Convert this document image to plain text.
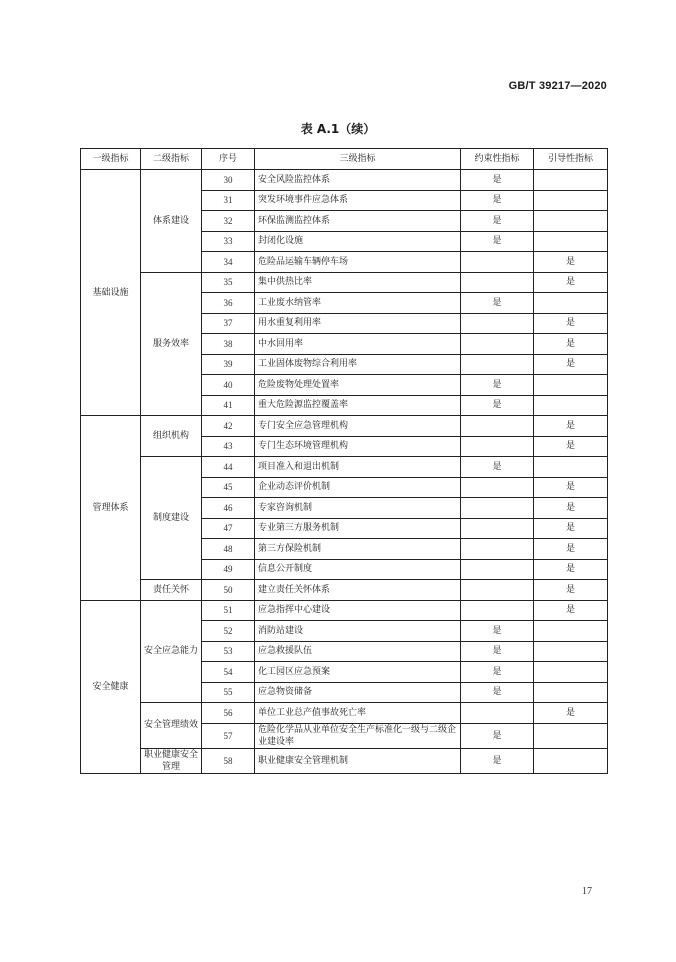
GB/T 39217—2020
表 A.1（续）
一级指标	二级指标	序号	三级指标	约束性指标	引导性指标
基础设施	体系建设	30	安全风险监控体系	是	
		31	突发环境事件应急体系	是	
		32	环保监测监控体系	是	
		33	封闭化设施	是	
		34	危险品运输车辆停车场		是
	服务效率	35	集中供热比率		是
		36	工业废水纳管率	是	
		37	用水重复利用率		是
		38	中水回用率		是
		39	工业固体废物综合利用率		是
		40	危险废物处理处置率	是	
		41	重大危险源监控覆盖率	是	
管理体系	组织机构	42	专门安全应急管理机构		是
		43	专门生态环境管理机构		是
	制度建设	44	项目准入和退出机制	是	
		45	企业动态评价机制		是
		46	专家咨询机制		是
		47	专业第三方服务机制		是
		48	第三方保险机制		是
		49	信息公开制度		是
	责任关怀	50	建立责任关怀体系		是
安全健康	安全应急能力	51	应急指挥中心建设		是
		52	消防站建设	是	
		53	应急救援队伍	是	
		54	化工园区应急预案	是	
		55	应急物资储备	是	
	安全管理绩效	56	单位工业总产值事故死亡率		是
		57	危险化学品从业单位安全生产标准化一级与二级企业建设率	是	
	职业健康安全管理	58	职业健康安全管理机制	是	
17
